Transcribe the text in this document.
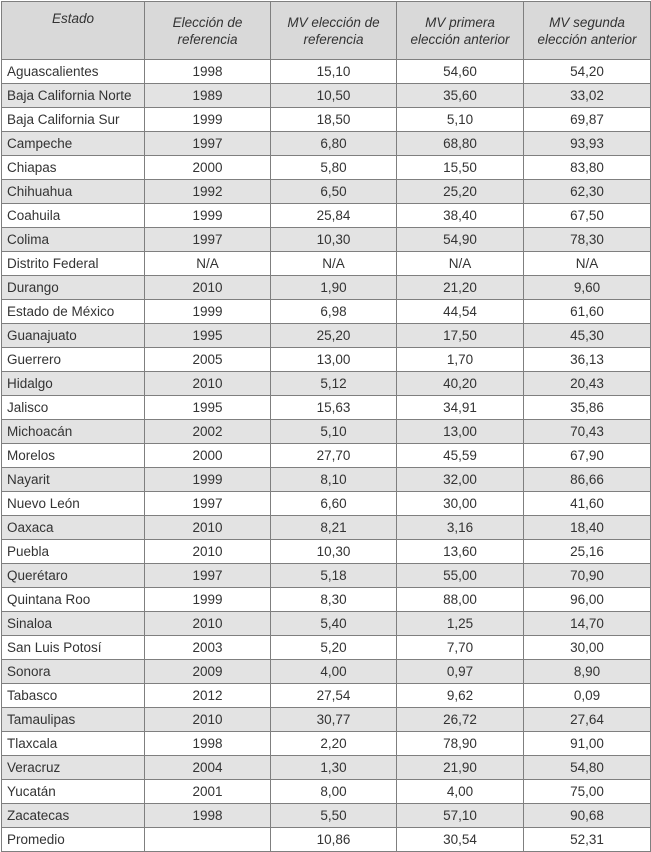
Estado	Elección de referencia	MV elección de referencia	MV primera elección anterior	MV segunda elección anterior
Aguascalientes	1998	15,10	54,60	54,20
Baja California Norte	1989	10,50	35,60	33,02
Baja California Sur	1999	18,50	5,10	69,87
Campeche	1997	6,80	68,80	93,93
Chiapas	2000	5,80	15,50	83,80
Chihuahua	1992	6,50	25,20	62,30
Coahuila	1999	25,84	38,40	67,50
Colima	1997	10,30	54,90	78,30
Distrito Federal	N/A	N/A	N/A	N/A
Durango	2010	1,90	21,20	9,60
Estado de México	1999	6,98	44,54	61,60
Guanajuato	1995	25,20	17,50	45,30
Guerrero	2005	13,00	1,70	36,13
Hidalgo	2010	5,12	40,20	20,43
Jalisco	1995	15,63	34,91	35,86
Michoacán	2002	5,10	13,00	70,43
Morelos	2000	27,70	45,59	67,90
Nayarit	1999	8,10	32,00	86,66
Nuevo León	1997	6,60	30,00	41,60
Oaxaca	2010	8,21	3,16	18,40
Puebla	2010	10,30	13,60	25,16
Querétaro	1997	5,18	55,00	70,90
Quintana Roo	1999	8,30	88,00	96,00
Sinaloa	2010	5,40	1,25	14,70
San Luis Potosí	2003	5,20	7,70	30,00
Sonora	2009	4,00	0,97	8,90
Tabasco	2012	27,54	9,62	0,09
Tamaulipas	2010	30,77	26,72	27,64
Tlaxcala	1998	2,20	78,90	91,00
Veracruz	2004	1,30	21,90	54,80
Yucatán	2001	8,00	4,00	75,00
Zacatecas	1998	5,50	57,10	90,68
Promedio		10,86	30,54	52,31
